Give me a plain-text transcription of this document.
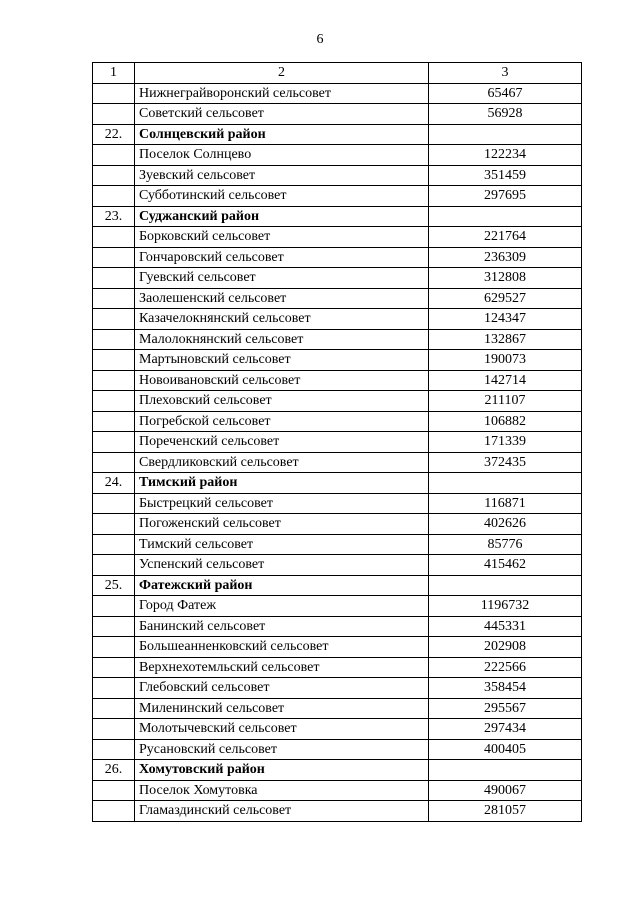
6
1	2	3
	Нижнеграйворонский сельсовет	65467
	Советский сельсовет	56928
22.	Солнцевский район	
	Поселок Солнцево	122234
	Зуевский сельсовет	351459
	Субботинский сельсовет	297695
23.	Суджанский район	
	Борковский сельсовет	221764
	Гончаровский сельсовет	236309
	Гуевский сельсовет	312808
	Заолешенский сельсовет	629527
	Казачелокнянский сельсовет	124347
	Малолокнянский сельсовет	132867
	Мартыновский сельсовет	190073
	Новоивановский сельсовет	142714
	Плеховский сельсовет	211107
	Погребской сельсовет	106882
	Пореченский сельсовет	171339
	Свердликовский сельсовет	372435
24.	Тимский район	
	Быстрецкий сельсовет	116871
	Погоженский сельсовет	402626
	Тимский сельсовет	85776
	Успенский сельсовет	415462
25.	Фатежский район	
	Город Фатеж	1196732
	Банинский сельсовет	445331
	Большеанненковский сельсовет	202908
	Верхнехотемльский сельсовет	222566
	Глебовский сельсовет	358454
	Миленинский сельсовет	295567
	Молотычевский сельсовет	297434
	Русановский сельсовет	400405
26.	Хомутовский район	
	Поселок Хомутовка	490067
	Гламаздинский сельсовет	281057
